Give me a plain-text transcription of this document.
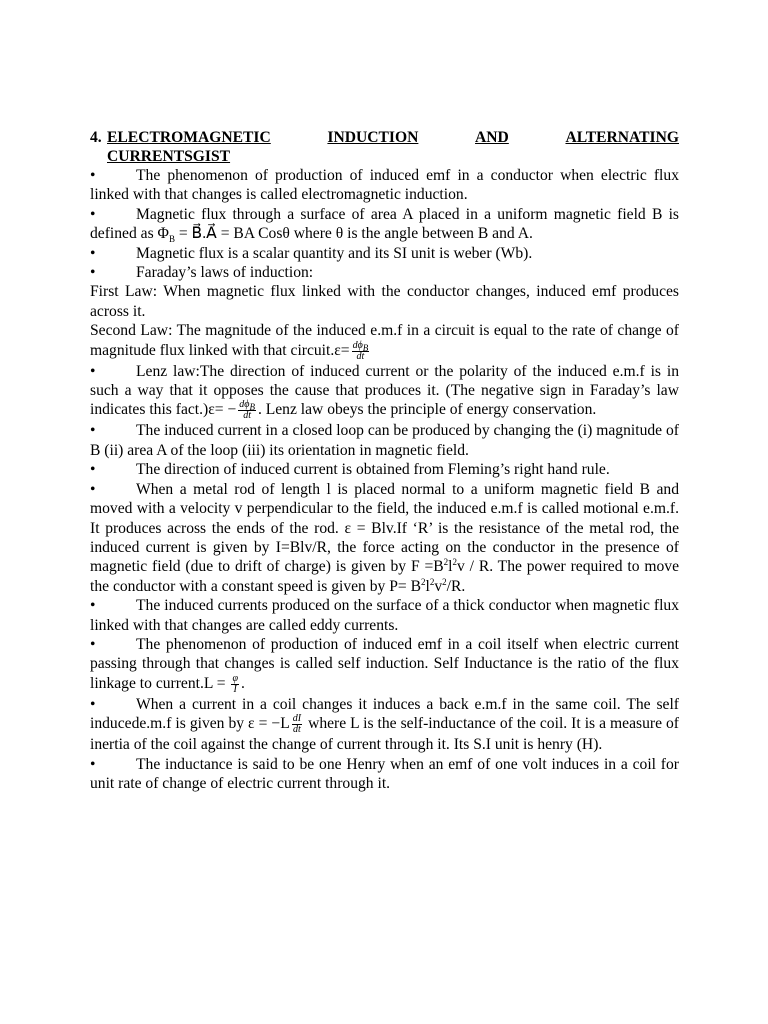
4. ELECTROMAGNETIC	INDUCTION	AND	ALTERNATING
CURRENTSGIST

•	The phenomenon of production of induced emf in a conductor when electric flux linked with that changes is called electromagnetic induction.

•	Magnetic flux through a surface of area A placed in a uniform magnetic field B is defined as $\Phi_B$ = B⃗.A⃗ = BA Cosθ where θ is the angle between B and A.

•	Magnetic flux is a scalar quantity and its SI unit is weber (Wb).

•	Faraday’s laws of induction:

First Law: When magnetic flux linked with the conductor changes, induced emf produces across it.

Second Law: The magnitude of the induced e.m.f in a circuit is equal to the rate of change of magnitude flux linked with that circuit.ε= $\frac{d\phi_B}{dt}$

•	Lenz law:The direction of induced current or the polarity of the induced e.m.f is in such a way that it opposes the cause that produces it. (The negative sign in Faraday’s law indicates this fact.)ε= − $\frac{d\phi_B}{dt}$ . Lenz law obeys the principle of energy conservation.

•	The induced current in a closed loop can be produced by changing the (i) magnitude of B (ii) area A of the loop (iii) its orientation in magnetic field.

•	The direction of induced current is obtained from Fleming’s right hand rule.

•	When a metal rod of length l is placed normal to a uniform magnetic field B and moved with a velocity v perpendicular to the field, the induced e.m.f is called motional e.m.f. It produces across the ends of the rod. ε = Blv.If ‘R’ is the resistance of the metal rod, the induced current is given by I=Blv/R, the force acting on the conductor in the presence of magnetic field (due to drift of charge) is given by $F =B^2l^2v / R$. The power required to move the conductor with a constant speed is given by $P= B^2l^2v^2/R$.

•	The induced currents produced on the surface of a thick conductor when magnetic flux linked with that changes are called eddy currents.

•	The phenomenon of production of induced emf in a coil itself when electric current passing through that changes is called self induction. Self Inductance is the ratio of the flux linkage to current.L = $\frac{\varphi}{I}$ .

•	When a current in a coil changes it induces a back e.m.f in the same coil. The self inducede.m.f is given by $\varepsilon = -L \frac{dI}{dt}$ where L is the self-inductance of the coil. It is a measure of inertia of the coil against the change of current through it. Its S.I unit is henry (H).

•	The inductance is said to be one Henry when an emf of one volt induces in a coil for unit rate of change of electric current through it.
